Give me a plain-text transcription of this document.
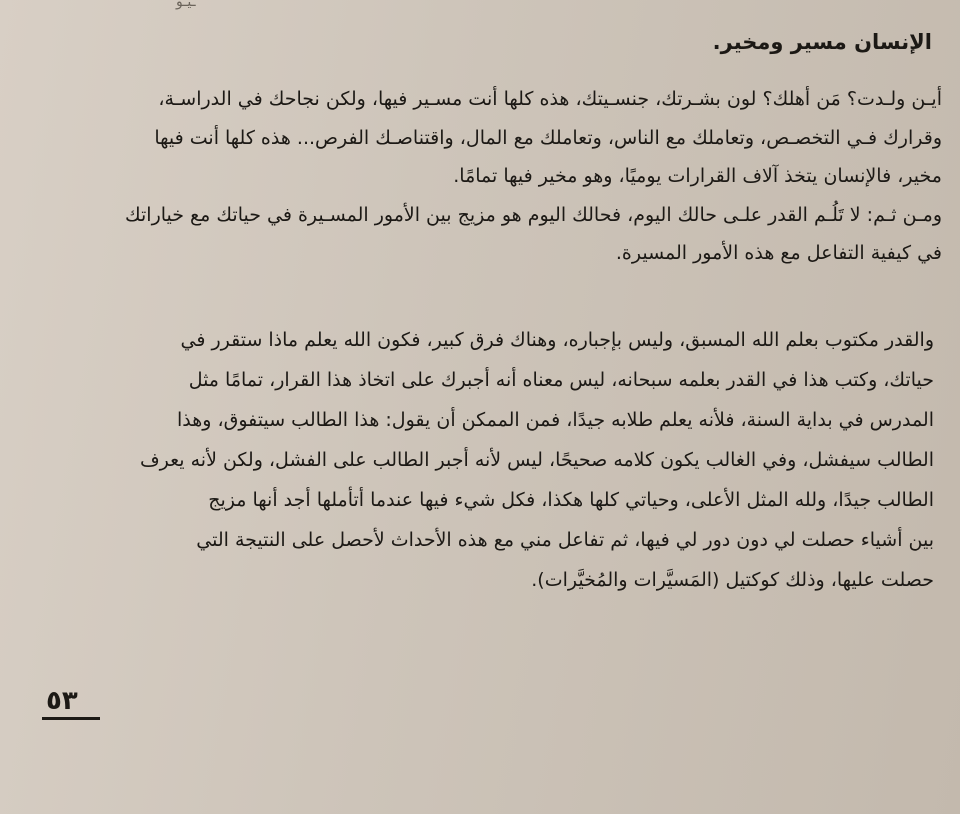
ـيـو
الإنسان مسير ومخير.
أيـن ولـدت؟ مَن أهلك؟ لون بشـرتك، جنسـيتك، هذه كلها أنت مسـير فيها، ولكن نجاحك في الدراسـة،
وقرارك فـي التخصـص، وتعاملك مع الناس، وتعاملك مع المال، واقتناصـك الفرص... هذه كلها أنت فيها
مخير، فالإنسان يتخذ آلاف القرارات يوميًا، وهو مخير فيها تمامًا.
ومـن ثـم: لا تَلُـم القدر علـى حالك اليوم، فحالك اليوم هو مزيج بين الأمور المسـيرة في حياتك مع خياراتك
في كيفية التفاعل مع هذه الأمور المسيرة.
والقدر مكتوب بعلم الله المسبق، وليس بإجباره، وهناك فرق كبير، فكون الله يعلم ماذا ستقرر في
حياتك، وكتب هذا في القدر بعلمه سبحانه، ليس معناه أنه أجبرك على اتخاذ هذا القرار، تمامًا مثل
المدرس في بداية السنة، فلأنه يعلم طلابه جيدًا، فمن الممكن أن يقول: هذا الطالب سيتفوق، وهذا
الطالب سيفشل، وفي الغالب يكون كلامه صحيحًا، ليس لأنه أجبر الطالب على الفشل، ولكن لأنه يعرف
الطالب جيدًا، ولله المثل الأعلى، وحياتي كلها هكذا، فكل شيء فيها عندما أتأملها أجد أنها مزيج
بين أشياء حصلت لي دون دور لي فيها، ثم تفاعل مني مع هذه الأحداث لأحصل على النتيجة التي
حصلت عليها، وذلك كوكتيل (المَسيَّرات والمُخيَّرات).
٥٣
